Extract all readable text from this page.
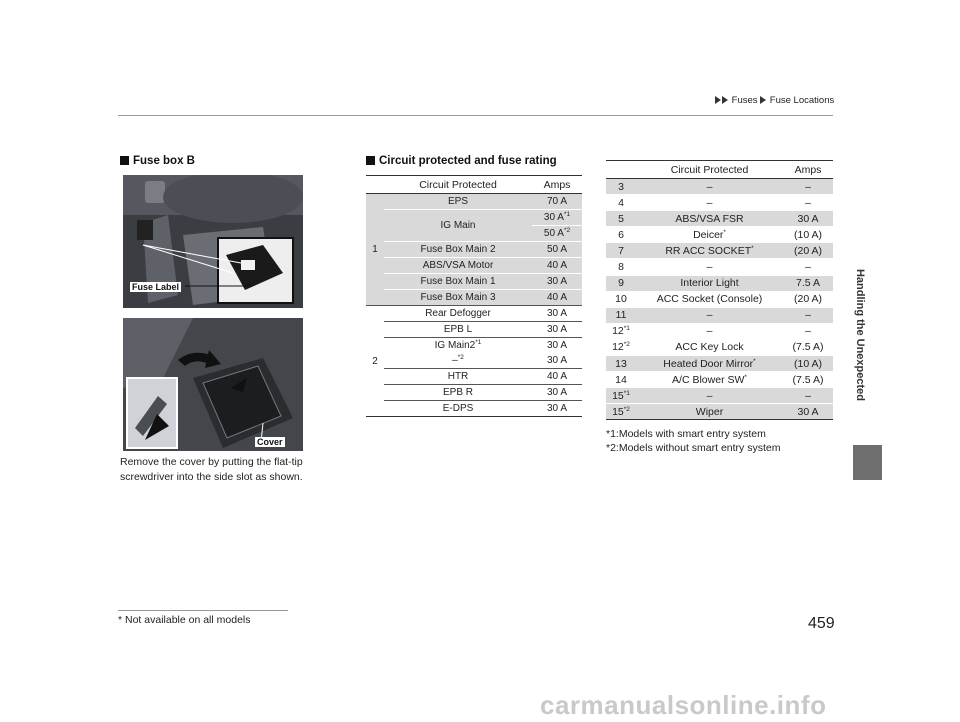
Fuses Fuse Locations
Handling the Unexpected
Fuse box B
Fuse Label
Cover
Remove the cover by putting the flat-tip screwdriver into the side slot as shown.
Circuit protected and fuse rating
	Circuit Protected	Amps
1	EPS	70 A
	IG Main	30 $A^{*1}$
		50 $A^{*2}$
	Fuse Box Main 2	50 A
	ABS/VSA Motor	40 A
	Fuse Box Main 1	30 A
	Fuse Box Main 3	40 A
2	Rear Defogger	30 A
	EPB L	30 A
	IG Main2$^{*1}$	30 A
	–$^{*2}$	30 A
	HTR	40 A
	EPB R	30 A
	E-DPS	30 A
	Circuit Protected	Amps
3	–	–
4	–	–
5	ABS/VSA FSR	30 A
6	Deicer*	(10 A)
7	RR ACC SOCKET*	(20 A)
8	–	–
9	Interior Light	7.5 A
10	ACC Socket (Console)	(20 A)
11	–	–
12$^{*1}$	–	–
12$^{*2}$	ACC Key Lock	(7.5 A)
13	Heated Door Mirror*	(10 A)
14	A/C Blower SW*	(7.5 A)
15$^{*1}$	–	–
15$^{*2}$	Wiper	30 A
*1:Models with smart entry system
*2:Models without smart entry system
* Not available on all models	459
carmanualsonline.info
